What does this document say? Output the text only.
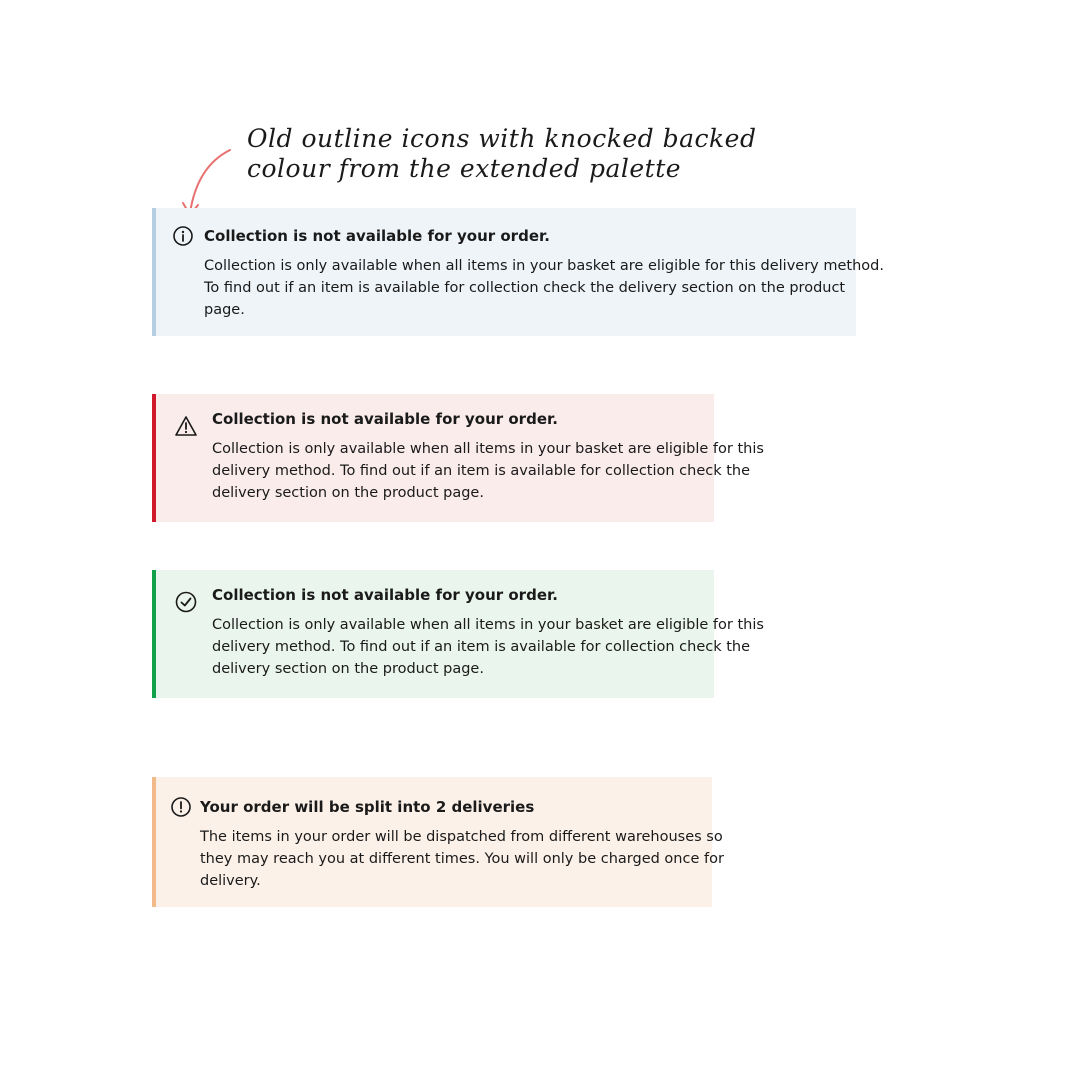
Old outline icons with knocked backed
colour from the extended palette
Collection is not available for your order.
Collection is only available when all items in your basket are eligible for this delivery method.
To find out if an item is available for collection check the delivery section on the product
page.
Collection is not available for your order.
Collection is only available when all items in your basket are eligible for this
delivery method. To find out if an item is available for collection check the
delivery section on the product page.
Collection is not available for your order.
Collection is only available when all items in your basket are eligible for this
delivery method. To find out if an item is available for collection check the
delivery section on the product page.
Your order will be split into 2 deliveries
The items in your order will be dispatched from different warehouses so
they may reach you at different times. You will only be charged once for
delivery.
